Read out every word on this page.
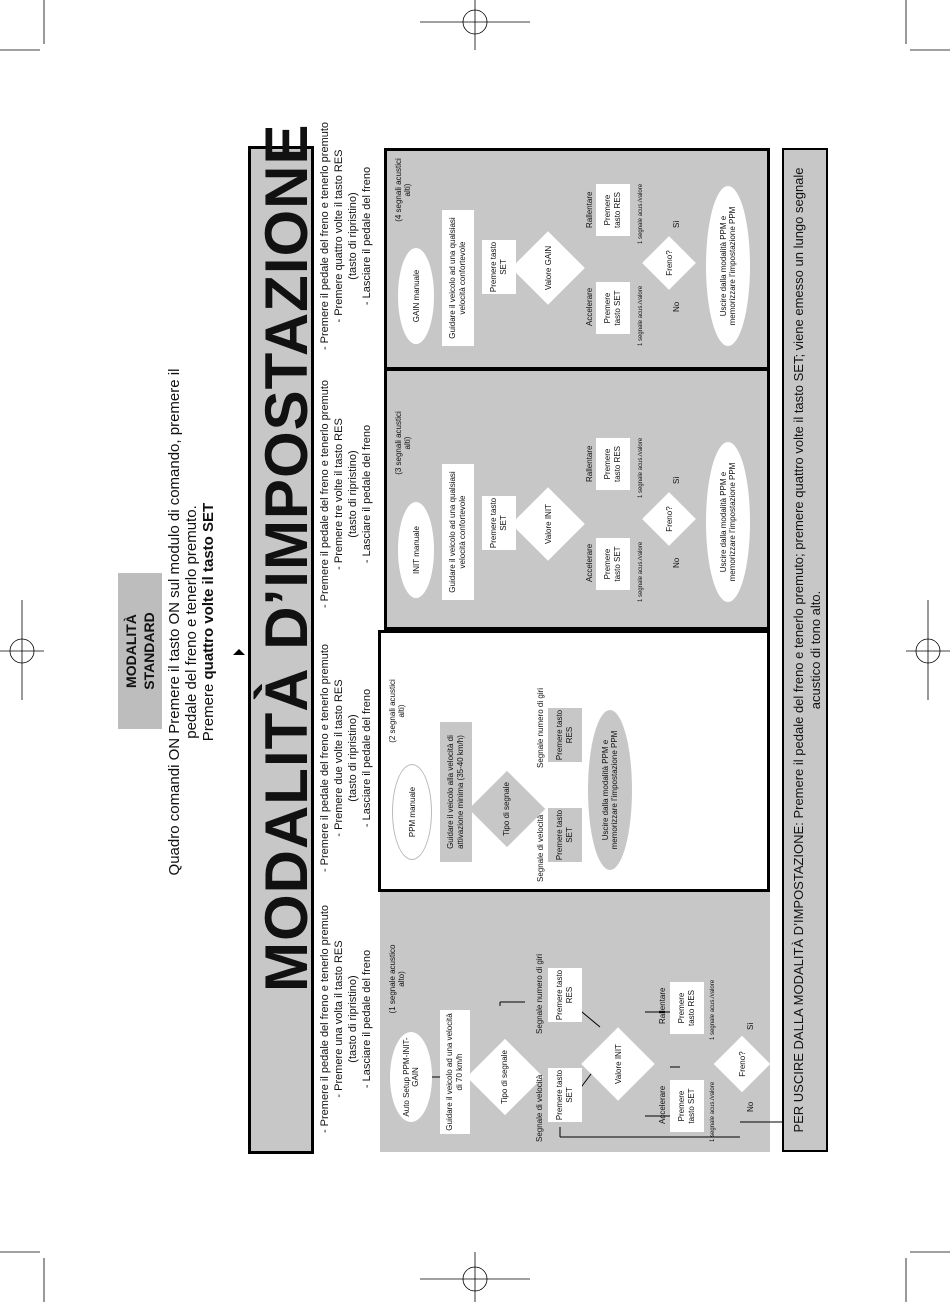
MODALITÀ STANDARD Quadro comandi ON Premere il tasto ON sul modulo di comando, premere il pedale del freno e tenerlo premuto. Premere quattro volte il tasto SET MODALITÀ D’IMPOSTAZIONE
- Premere il pedale del freno e tenerlo premuto - Premere una volta il tasto RES (tasto di ripristino) - Lasciare il pedale del freno
- Premere il pedale del freno e tenerlo premuto - Premere due volte il tasto RES (tasto di ripristino) - Lasciare il pedale del freno
- Premere il pedale del freno e tenerlo premuto - Premere tre volte il tasto RES (tasto di ripristino) - Lasciare il pedale del freno
- Premere il pedale del freno e tenerlo premuto - Premere quattro volte il tasto RES (tasto di ripristino) - Lasciare il pedale del freno
Auto Setup PPM-INIT-GAIN
(1 segnale acustico alto)
Guidare il veicolo ad una velocità di 70 km/h	Tipo di segnale	Segnale di velocità
Segnale numero di giri
Premere tasto SET
Premere tasto RES
Valore INIT
Accelerare
Rallentare
Premere tasto SET
Premere tasto RES
1 segnale acus./valore
1 segnale acus./valore
Freno?
No
Sì
PPM manuale
(2 segnali acustici alti)
Guidare il veicolo alla velocità di attivazione minima (35-40 km/h)	Tipo di segnale
Segnale di velocità
Segnale numero di giri
Premere tasto SET
Premere tasto RES
Uscire dalla modalità PPM e memorizzare l’impostazione PPM
INIT manuale
(3 segnali acustici alti)
Guidare il veicolo ad una qualsiasi velocità confortevole	Premere tasto SET	Valore INIT
Accelerare
Rallentare
Premere tasto SET
Premere tasto RES
1 segnale acus./valore
1 segnale acus./valore
Freno?
No
Sì	Uscire dalla modalità PPM e memorizzare l’impostazione PPM
GAIN manuale
(4 segnali acustici alti)
Guidare il veicolo ad una qualsiasi velocità confortevole	Premere tasto SET	Valore GAIN
Accelerare
Rallentare
Premere tasto SET
Premere tasto RES
1 segnale acus./valore
1 segnale acus./valore
Freno?
No
Sì	Uscire dalla modalità PPM e memorizzare l’impostazione PPM	PER USCIRE DALLA MODALITÀ D’IMPOSTAZIONE: Premere il pedale del freno e tenerlo premuto; premere quattro volte il tasto SET; viene emesso un lungo segnale acustico di tono alto.
